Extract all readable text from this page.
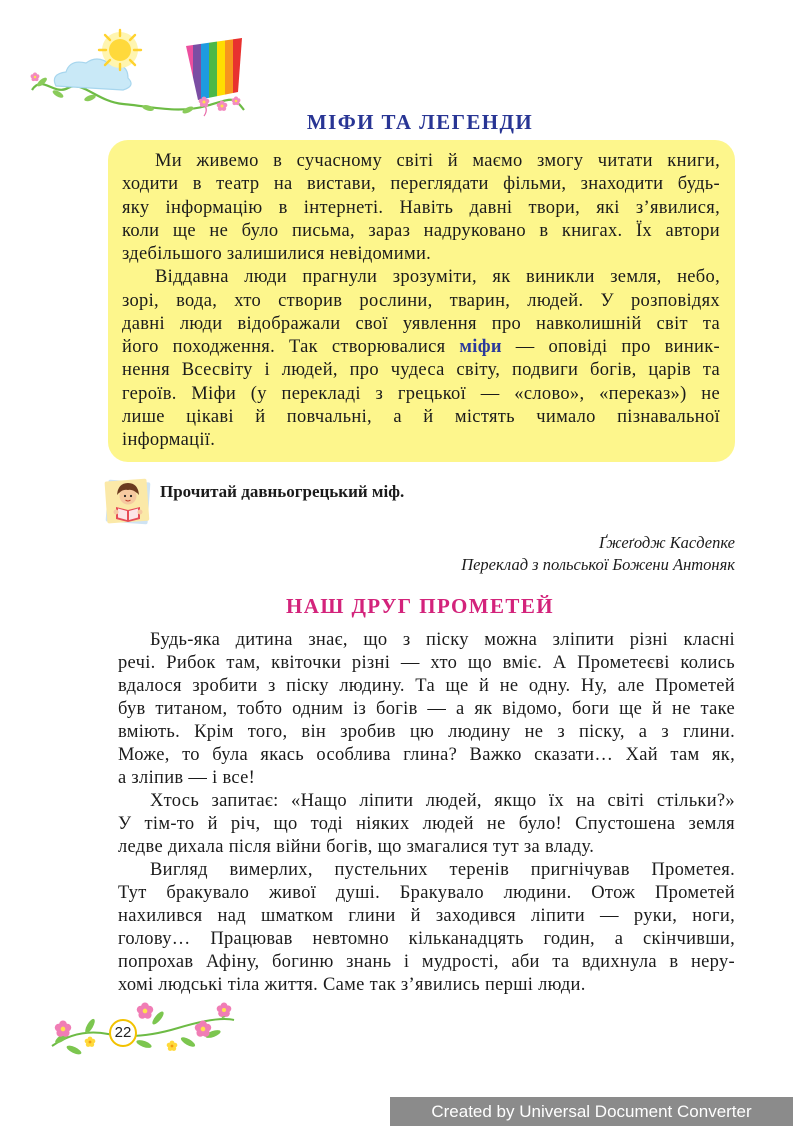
МІФИ ТА ЛЕГЕНДИ
Ми живемо в сучасному світі й маємо змогу читати книги,
ходити в театр на вистави, переглядати фільми, знаходити будь-
яку інформацію в інтернеті. Навіть давні твори, які з’явилися,
коли ще не було письма, зараз надруковано в книгах. Їх автори
здебільшого залишилися невідомими.
Віддавна люди прагнули зрозуміти, як виникли земля, небо,
зорі, вода, хто створив рослини, тварин, людей. У розповідях
давні люди відображали свої уявлення про навколишній світ та
його походження. Так створювалися міфи — оповіді про виник-
нення Всесвіту і людей, про чудеса світу, подвиги богів, царів та
героїв. Міфи (у перекладі з грецької — «слово», «переказ») не
лише цікаві й повчальні, а й містять чимало пізнавальної
інформації.
Прочитай давньогрецький міф.
Ґжеґодж Касдепке
Переклад з польської Божени Антоняк
НАШ ДРУГ ПРОМЕТЕЙ
Будь-яка дитина знає, що з піску можна зліпити різні класні
речі. Рибок там, квіточки різні — хто що вміє. А Прометеєві колись
вдалося зробити з піску людину. Та ще й не одну. Ну, але Прометей
був титаном, тобто одним із богів — а як відомо, боги ще й не таке
вміють. Крім того, він зробив цю людину не з піску, а з глини.
Може, то була якась особлива глина? Важко сказати… Хай там як,
а зліпив — і все!
Хтось запитає: «Нащо ліпити людей, якщо їх на світі стільки?»
У тім-то й річ, що тоді ніяких людей не було! Спустошена земля
ледве дихала після війни богів, що змагалися тут за владу.
Вигляд вимерлих, пустельних теренів пригнічував Прометея.
Тут бракувало живої душі. Бракувало людини. Отож Прометей
нахилився над шматком глини й заходився ліпити — руки, ноги,
голову… Працював невтомно кільканадцять годин, а скінчивши,
попрохав Афіну, богиню знань і мудрості, аби та вдихнула в неру-
хомі людські тіла життя. Саме так з’явились перші люди.
22
Created by Universal Document Converter
